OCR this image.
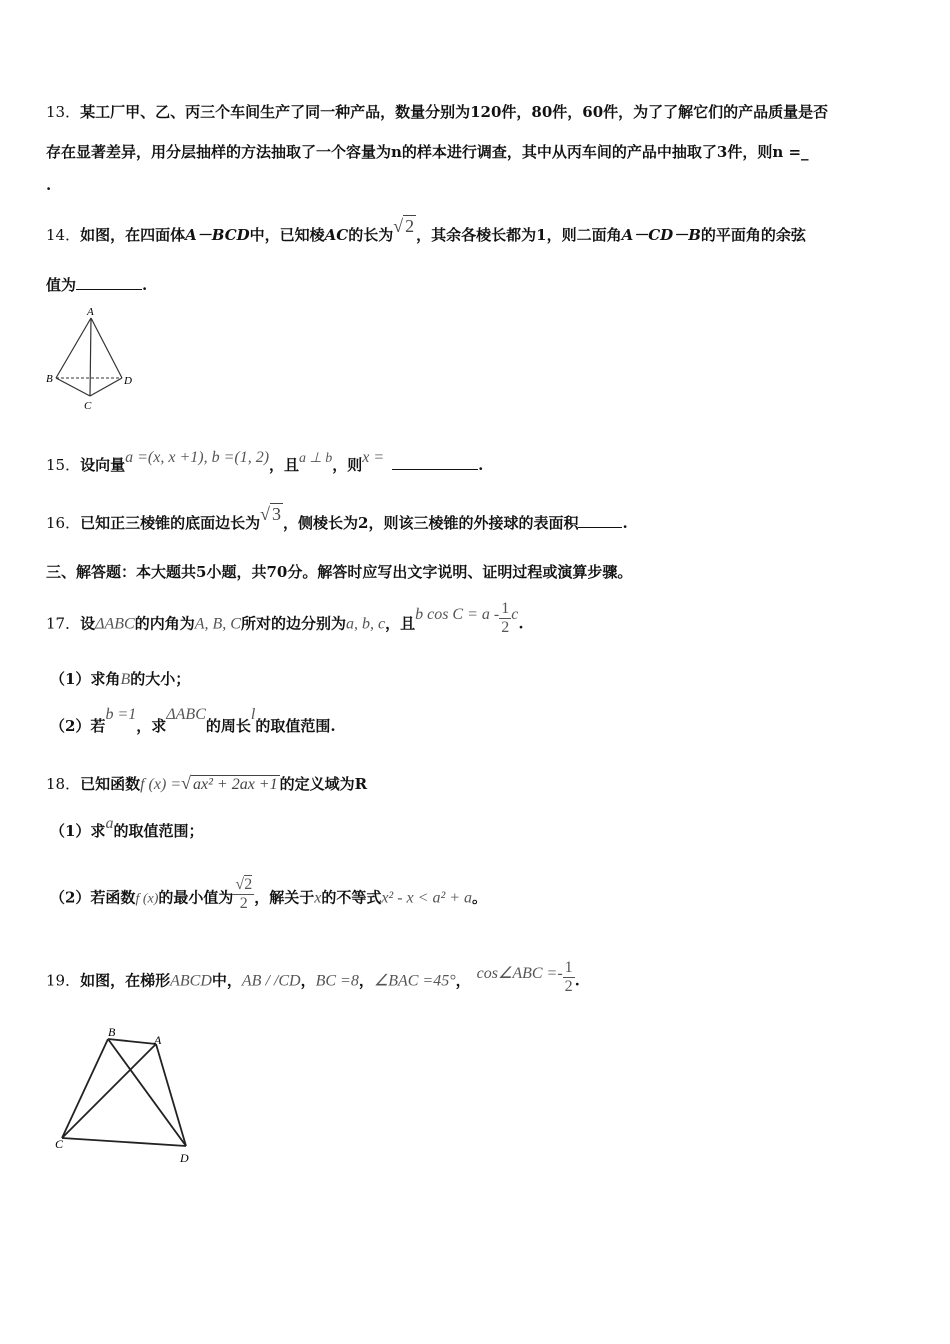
13．某工厂甲、乙、丙三个车间生产了同一种产品，数量分别为120件，80件，60件，为了了解它们的产品质量是否
存在显著差异，用分层抽样的方法抽取了一个容量为n的样本进行调查，其中从丙车间的产品中抽取了3件，则n =_
.
14．如图，在四面体A－BCD中，已知棱AC的长为√ 2 ，其余各棱长都为1，则二面角A－CD－B的平面角的余弦
值为	.
A
B
C
D
15．设向量a =(x, x +1), b =(1, 2)，且a ⊥ b，则x =	.
16．已知正三棱锥的底面边长为√ 3 ，侧棱长为2，则该三棱锥的外接球的表面积	.
三、解答题：本大题共5小题，共70分。解答时应写出文字说明、证明过程或演算步骤。
17．设ΔABC的内角为A, B, C所对的边分别为a, b, c，且b $\cos C = a - \frac{1}{2} c$.
（1）求角B的大小；
（2）若b =1，求ΔABC的周长l的取值范围.
18．已知函数f (x) =√ ax² + 2ax +1 的定义域为R
（1）求a的取值范围；
（2）若函数f (x)的最小值为 $\frac{√2}{2}$ ，解关于x的不等式x² - x < a² + a。
19．如图，在梯形ABCD中，AB / /CD，BC =8，∠BAC =45°， cos∠ABC =- $\frac{1}{2}$ .
B
A
C
D
